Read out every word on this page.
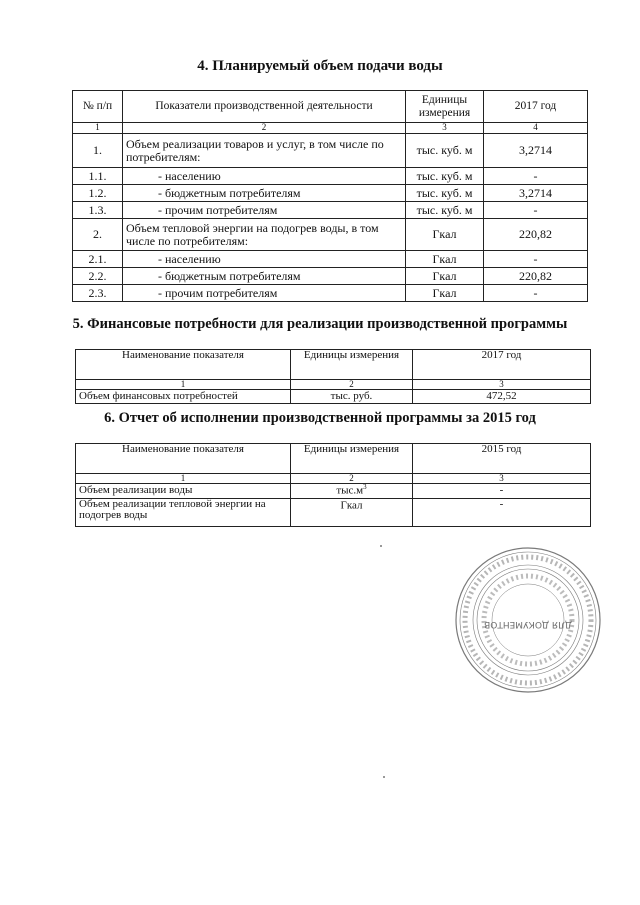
4. Планируемый объем подачи воды
№ п/п	Показатели производственной деятельности	Единицы измерения	2017 год
1	2	3	4
1.	Объем реализации товаров и услуг, в том числе по потребителям:	тыс. куб. м	3,2714
1.1.	- населению	тыс. куб. м	-
1.2.	- бюджетным потребителям	тыс. куб. м	3,2714
1.3.	- прочим потребителям	тыс. куб. м	-
2.	Объем тепловой энергии на подогрев воды, в том числе по потребителям:	Гкал	220,82
2.1.	- населению	Гкал	-
2.2.	- бюджетным потребителям	Гкал	220,82
2.3.	- прочим потребителям	Гкал	-
5. Финансовые потребности для реализации производственной программы
Наименование показателя	Единицы измерения	2017 год
1	2	3
Объем финансовых потребностей	тыс. руб.	472,52
6. Отчет об исполнении производственной программы за 2015 год
Наименование показателя	Единицы измерения	2015 год
1	2	3
Объем реализации воды	$тыс.м^3$	-
Объем реализации тепловой энергии на подогрев воды	Гкал	-
ДЛЯ ДОКУМЕНТОВ
